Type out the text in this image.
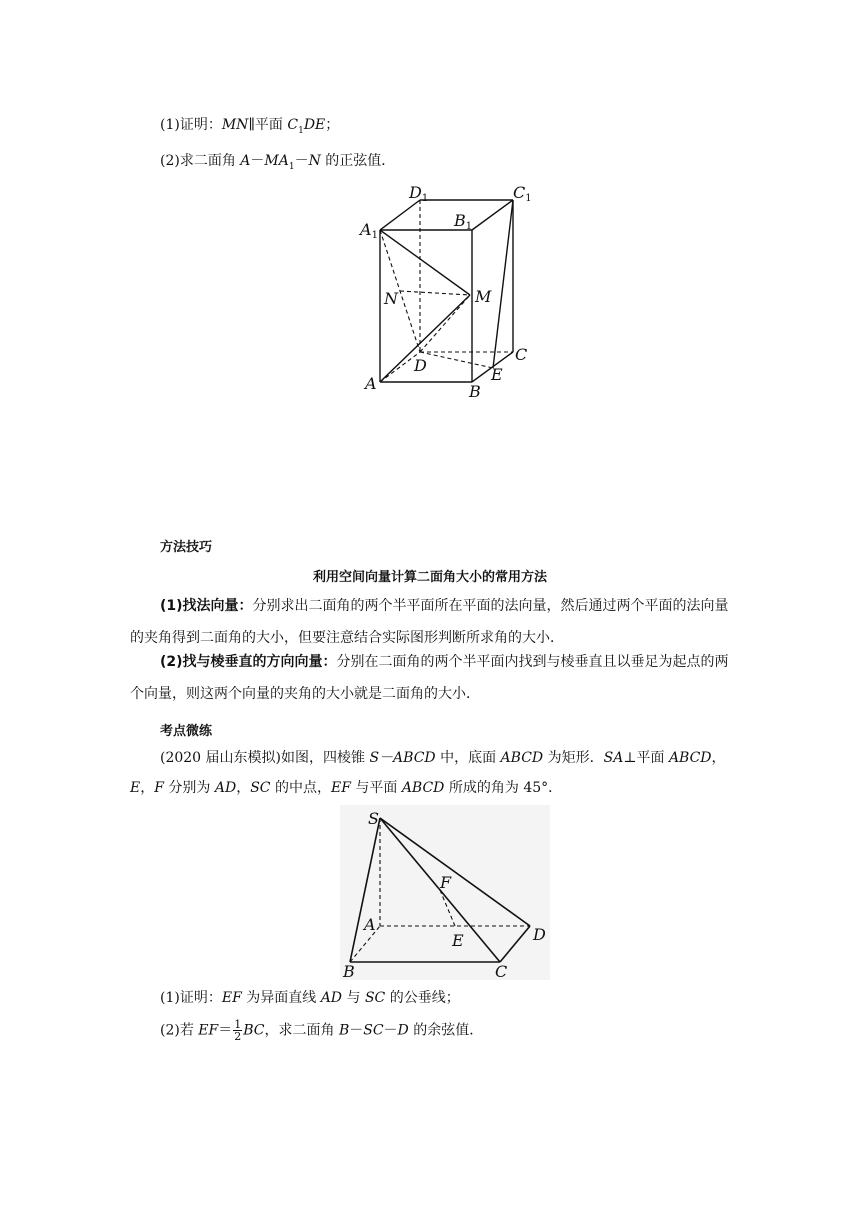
(1)证明：MN∥平面 $C_1DE$；
(2)求二面角 $A-MA_1-N$ 的正弦值．
D1	C1
A1
B1
N	M
D
C
E
A	B
方法技巧
利用空间向量计算二面角大小的常用方法
(1)找法向量：分别求出二面角的两个半平面所在平面的法向量，然后通过两个平面的法向量的夹角得到二面角的大小，但要注意结合实际图形判断所求角的大小．
(2)找与棱垂直的方向向量：分别在二面角的两个半平面内找到与棱垂直且以垂足为起点的两个向量，则这两个向量的夹角的大小就是二面角的大小．
考点微练
(2020 届山东模拟)如图，四棱锥 S－ABCD 中，底面 ABCD 为矩形．SA⊥平面 ABCD，
E，F 分别为 AD，SC 的中点，EF 与平面 ABCD 所成的角为 45°．
S
F
A
E	D
B	C
(1)证明：EF 为异面直线 AD 与 SC 的公垂线；
(2)若 $EF= \frac{1}{2}$ BC，求二面角 B－SC－D 的余弦值．
